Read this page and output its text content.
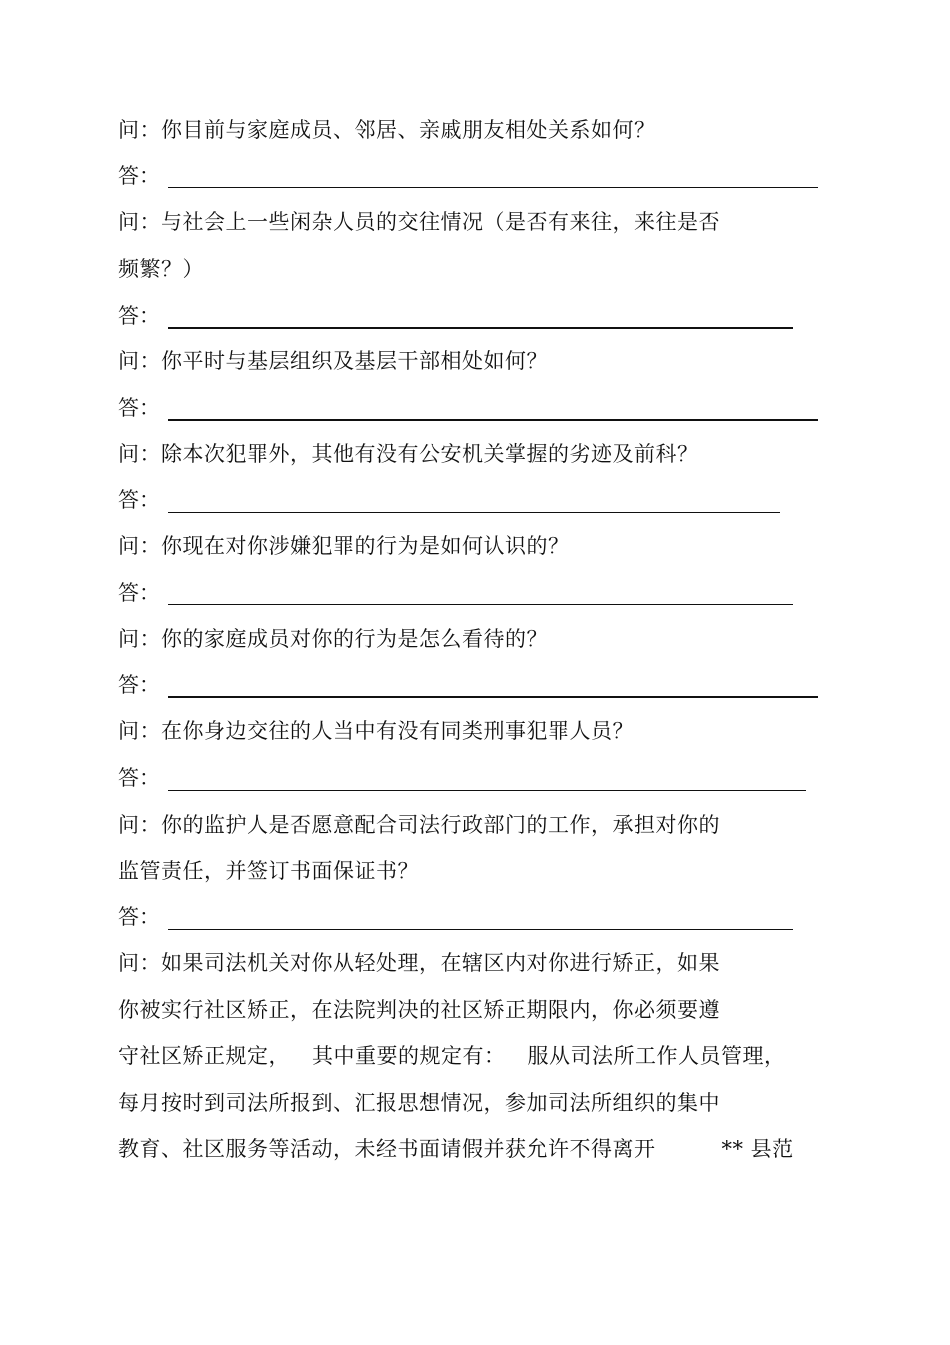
问：你目前与家庭成员、邻居、亲戚朋友相处关系如何？
答：
问：与社会上一些闲杂人员的交往情况（是否有来往，来往是否
频繁？）
答：
问：你平时与基层组织及基层干部相处如何？
答：
问：除本次犯罪外，其他有没有公安机关掌握的劣迹及前科？
答：
问：你现在对你涉嫌犯罪的行为是如何认识的？
答：
问：你的家庭成员对你的行为是怎么看待的？
答：
问：在你身边交往的人当中有没有同类刑事犯罪人员？
答：
问：你的监护人是否愿意配合司法行政部门的工作，承担对你的
监管责任，并签订书面保证书？
答：
问：如果司法机关对你从轻处理，在辖区内对你进行矫正，如果
你被实行社区矫正，在法院判决的社区矫正期限内，你必须要遵
守社区矫正规定， 其中重要的规定有： 服从司法所工作人员管理，
每月按时到司法所报到、汇报思想情况，参加司法所组织的集中
教育、社区服务等活动，未经书面请假并获允许不得离开	** 县范
